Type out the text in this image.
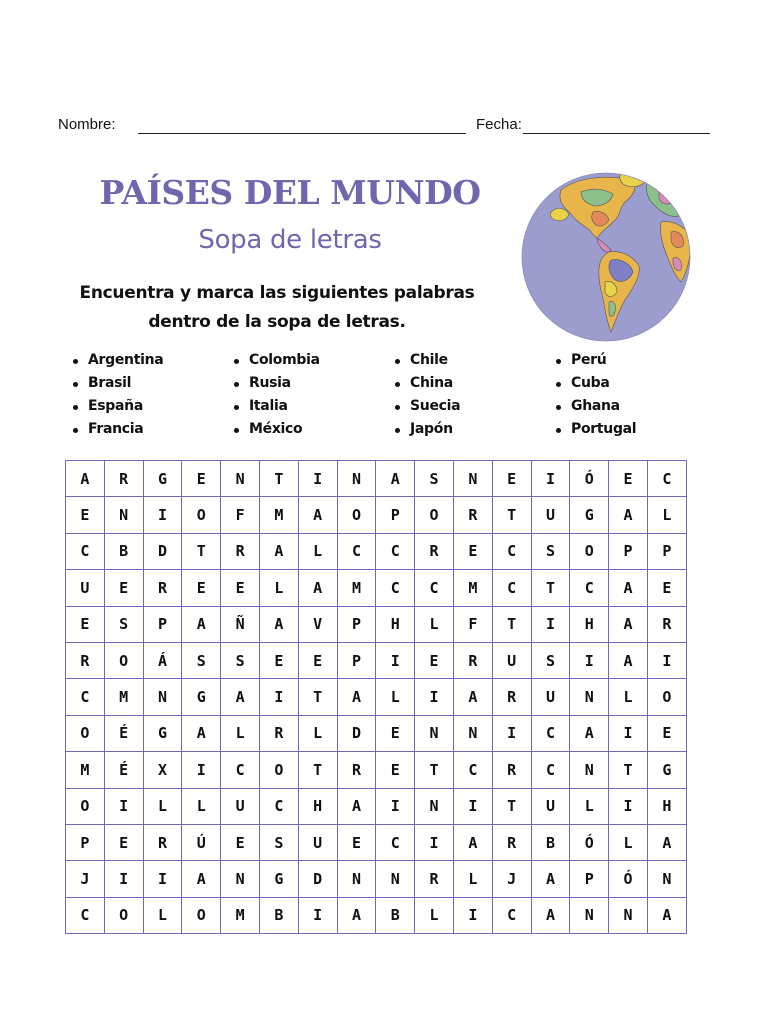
Nombre:	Fecha:
PAÍSES DEL MUNDO
Sopa de letras
Encuentra y marca las siguientes palabras
dentro de la sopa de letras.
Argentina
Brasil
España
Francia
Colombia
Rusia
Italia
México
Chile
China
Suecia
Japón
Perú
Cuba
Ghana
Portugal
A	R	G	E	N	T	I	N	A	S	N	E	I	Ó	E	C
E	N	I	O	F	M	A	O	P	O	R	T	U	G	A	L
C	B	D	T	R	A	L	C	C	R	E	C	S	O	P	P
U	E	R	E	E	L	A	M	C	C	M	C	T	C	A	E
E	S	P	A	Ñ	A	V	P	H	L	F	T	I	H	A	R
R	O	Á	S	S	E	E	P	I	E	R	U	S	I	A	I
C	M	N	G	A	I	T	A	L	I	A	R	U	N	L	O
O	É	G	A	L	R	L	D	E	N	N	I	C	A	I	E
M	É	X	I	C	O	T	R	E	T	C	R	C	N	T	G
O	I	L	L	U	C	H	A	I	N	I	T	U	L	I	H
P	E	R	Ú	E	S	U	E	C	I	A	R	B	Ó	L	A
J	I	I	A	N	G	D	N	N	R	L	J	A	P	Ó	N
C	O	L	O	M	B	I	A	B	L	I	C	A	N	N	A
